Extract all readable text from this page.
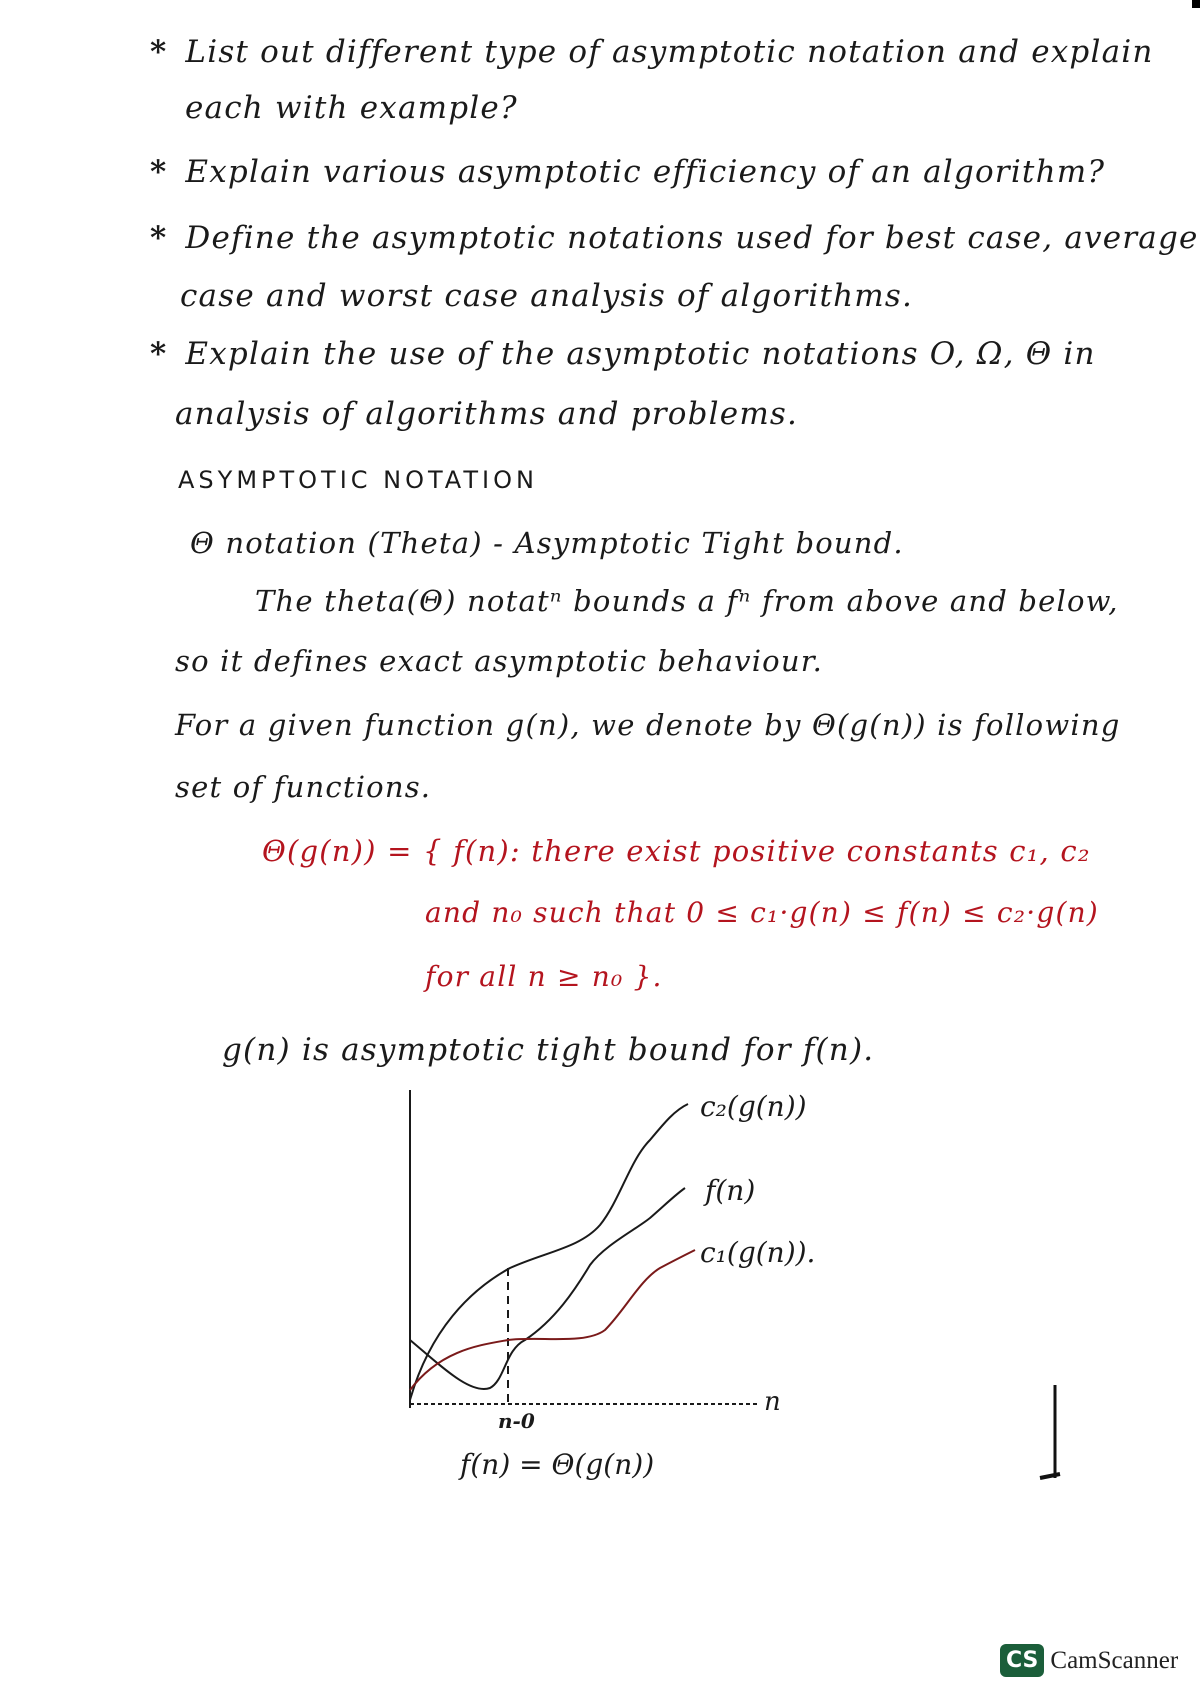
* List out different type of asymptotic notation and explain
each with example?
* Explain various asymptotic efficiency of an algorithm?
* Define the asymptotic notations used for best case, average
case and worst case analysis of algorithms.
* Explain the use of the asymptotic notations O, Ω, Θ in
analysis of algorithms and problems.
ASYMPTOTIC NOTATION
Θ notation (Theta) - Asymptotic Tight bound.
The theta(Θ) notatⁿ bounds a fⁿ from above and below,
so it defines exact asymptotic behaviour.
For a given function g(n), we denote by Θ(g(n)) is following
set of functions.
Θ(g(n)) = { f(n): there exist positive constants c₁, c₂
and n₀ such that 0 ≤ c₁·g(n) ≤ f(n) ≤ c₂·g(n)
for all n ≥ n₀ }.
g(n) is asymptotic tight bound for f(n).
c₂(g(n))
f(n)
c₁(g(n)).
n
n-0
f(n) = Θ(g(n))
CS CamScanner
